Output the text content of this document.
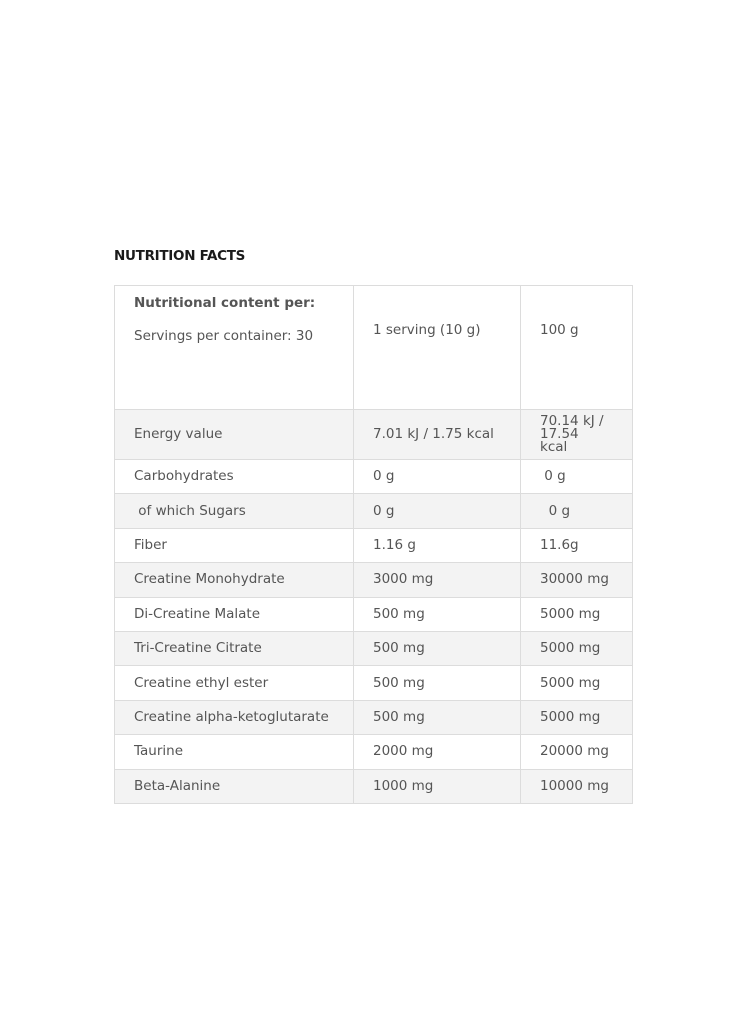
NUTRITION FACTS
Nutritional content per:
Servings per container: 30	1 serving (10 g)	100 g
Energy value	7.01 kJ / 1.75 kcal	70.14 kJ / 17.54 kcal

Carbohydrates	0 g	0 g
of which Sugars	0 g	0 g
Fiber	1.16 g	11.6g
Creatine Monohydrate	3000 mg	30000 mg
Di-Creatine Malate	500 mg	5000 mg
Tri-Creatine Citrate	500 mg	5000 mg
Creatine ethyl ester	500 mg	5000 mg
Creatine alpha-ketoglutarate	500 mg	5000 mg
Taurine	2000 mg	20000 mg
Beta-Alanine	1000 mg	10000 mg
